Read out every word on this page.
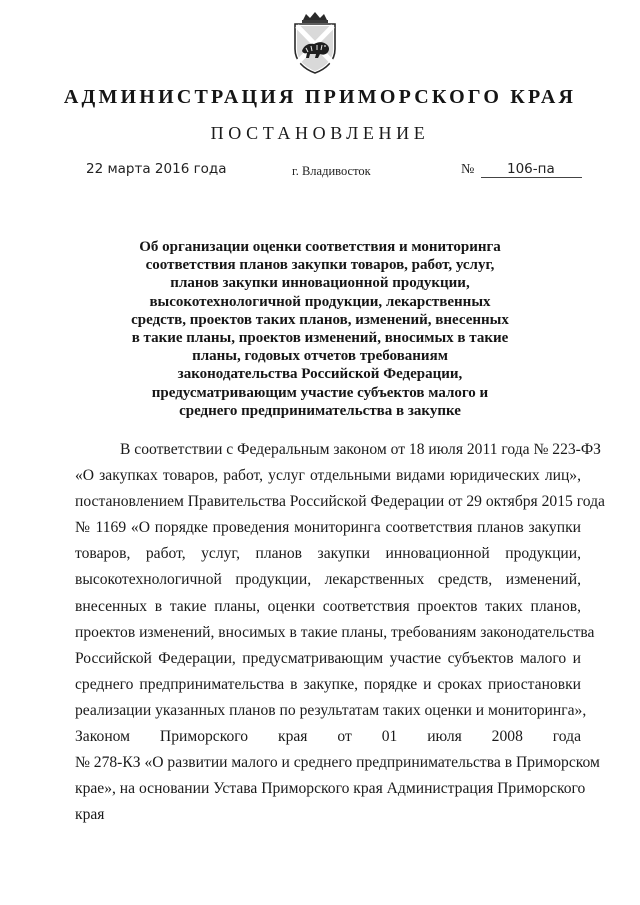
АДМИНИСТРАЦИЯ ПРИМОРСКОГО КРАЯ
ПОСТАНОВЛЕНИЕ
22 марта 2016 года	г. Владивосток	№ 106-па
Об организации оценки соответствия и мониторинга
соответствия планов закупки товаров, работ, услуг,
планов закупки инновационной продукции,
высокотехнологичной продукции, лекарственных
средств, проектов таких планов, изменений, внесенных
в такие планы, проектов изменений, вносимых в такие
планы, годовых отчетов требованиям
законодательства Российской Федерации,
предусматривающим участие субъектов малого и
среднего предпринимательства в закупке
В соответствии с Федеральным законом от 18 июля 2011 года № 223-ФЗ
«О закупках товаров, работ, услуг отдельными видами юридических лиц»,
постановлением Правительства Российской Федерации от 29 октября 2015 года
№ 1169 «О порядке проведения мониторинга соответствия планов закупки
товаров, работ, услуг, планов закупки инновационной продукции,
высокотехнологичной продукции, лекарственных средств, изменений,
внесенных в такие планы, оценки соответствия проектов таких планов,
проектов изменений, вносимых в такие планы, требованиям законодательства
Российской Федерации, предусматривающим участие субъектов малого и
среднего предпринимательства в закупке, порядке и сроках приостановки
реализации указанных планов по результатам таких оценки и мониторинга»,
Законом Приморского края от 01 июля 2008 года
№ 278-КЗ «О развитии малого и среднего предпринимательства в Приморском
крае», на основании Устава Приморского края Администрация Приморского
края
